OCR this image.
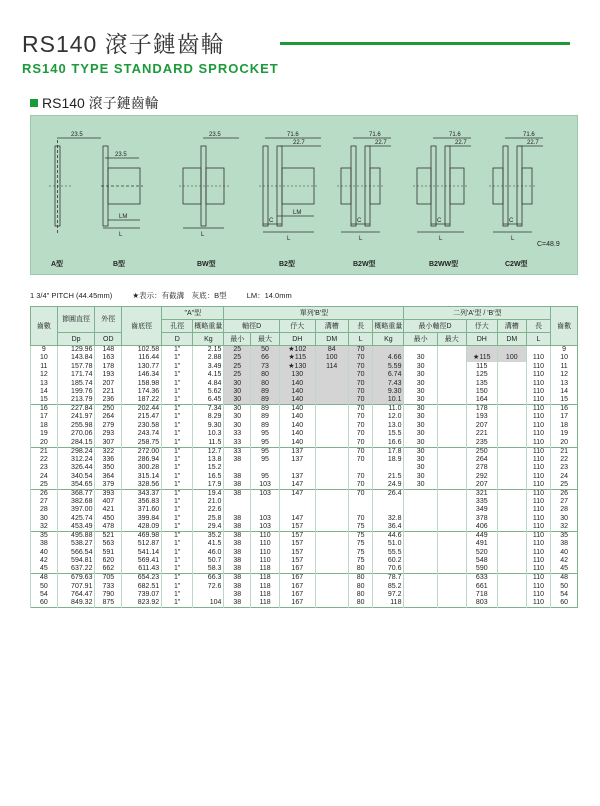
RS140 滾子鏈齒輪
RS140 TYPE STANDARD SPROCKET
RS140 滾子鏈齒輪
23.5
23.5
23.5	71.6
22.7
71.6
22.7
71.6
22.7
71.6
22.7
LM
L	L
LM
C
L
C
L
C
L
C
L
C=48.9
A型	B型	BW型	B2型	B2W型	B2WW型	C2W型
1 3/4" PITCH (44.45mm)	★表示：有截溝　灰底：B型	LM：14.0mm
齒數	節圓直徑	外徑	齒底徑	"A"型		單列'B'型						二列'A'型 / 'B'型					齒數
				孔徑	概略重量	軸徑D		伃大	溝槽	長	概略重量	最小軸徑D		伃大	溝槽	長	
	Dp	OD		D	Kg	最小	最大	DH	DM	L	Kg	最小	最大	DH	DM	L	
9	129.96	148	102.58	1"	2.15	25	50	★102	84	70							9
10	143.84	163	116.44	1"	2.88	25	66	★115	100	70	4.66	30		★115	100	110	10
11	157.78	178	130.77	1"	3.49	25	73	★130	114	70	5.59	30		115		110	11
12	171.74	193	146.34	1"	4.15	25	80	130		70	6.74	30		125		110	12
13	185.74	207	158.98	1"	4.84	30	80	140		70	7.43	30		135		110	13
14	199.76	221	174.36	1"	5.62	30	89	140		70	9.30	30		150		110	14
15	213.79	236	187.22	1"	6.45	30	89	140		70	10.1	30		164		110	15
16	227.84	250	202.44	1"	7.34	30	89	140		70	11.0	30		178		110	16
17	241.97	264	215.47	1"	8.29	30	89	140		70	12.0	30		193		110	17
18	255.98	279	230.58	1"	9.30	30	89	140		70	13.0	30		207		110	18
19	270.06	293	243.74	1"	10.3	33	95	140		70	15.5	30		221		110	19
20	284.15	307	258.75	1"	11.5	33	95	140		70	16.6	30		235		110	20
21	298.24	322	272.00	1"	12.7	33	95	137		70	17.8	30		250		110	21
22	312.24	336	286.94	1"	13.8	38	95	137		70	18.9	30		264		110	22
23	326.44	350	300.28	1"	15.2							30		278		110	23
24	340.54	364	315.14	1"	16.5	38	95	137		70	21.5	30		292		110	24
25	354.65	379	328.56	1"	17.9	38	103	147		70	24.9	30		207		110	25
26	368.77	393	343.37	1"	19.4	38	103	147		70	26.4			321		110	26
27	382.68	407	356.83	1"	21.0									335		110	27
28	397.00	421	371.60	1"	22.6									349		110	28
30	425.74	450	399.84	1"	25.8	38	103	147		70	32.8			378		110	30
32	453.49	478	428.09	1"	29.4	38	103	157		75	36.4			406		110	32
35	495.88	521	469.98	1"	35.2	38	110	157		75	44.6			449		110	35
38	538.27	563	512.87	1"	41.5	38	110	157		75	51.0			491		110	38
40	566.54	591	541.14	1"	46.0	38	110	157		75	55.5			520		110	40
42	594.81	620	569.41	1"	50.7	38	110	157		75	60.2			548		110	42
45	637.22	662	611.43	1"	58.3	38	118	167		80	70.6			590		110	45
48	679.63	705	654.23	1"	66.3	38	118	167		80	78.7			633		110	48
50	707.91	733	682.51	1"	72.6	38	118	167		80	85.2			661		110	50
54	764.47	790	739.07	1"		38	118	167		80	97.2			718		110	54
60	849.32	875	823.92	1"	104	38	118	167		80	118			803		110	60
